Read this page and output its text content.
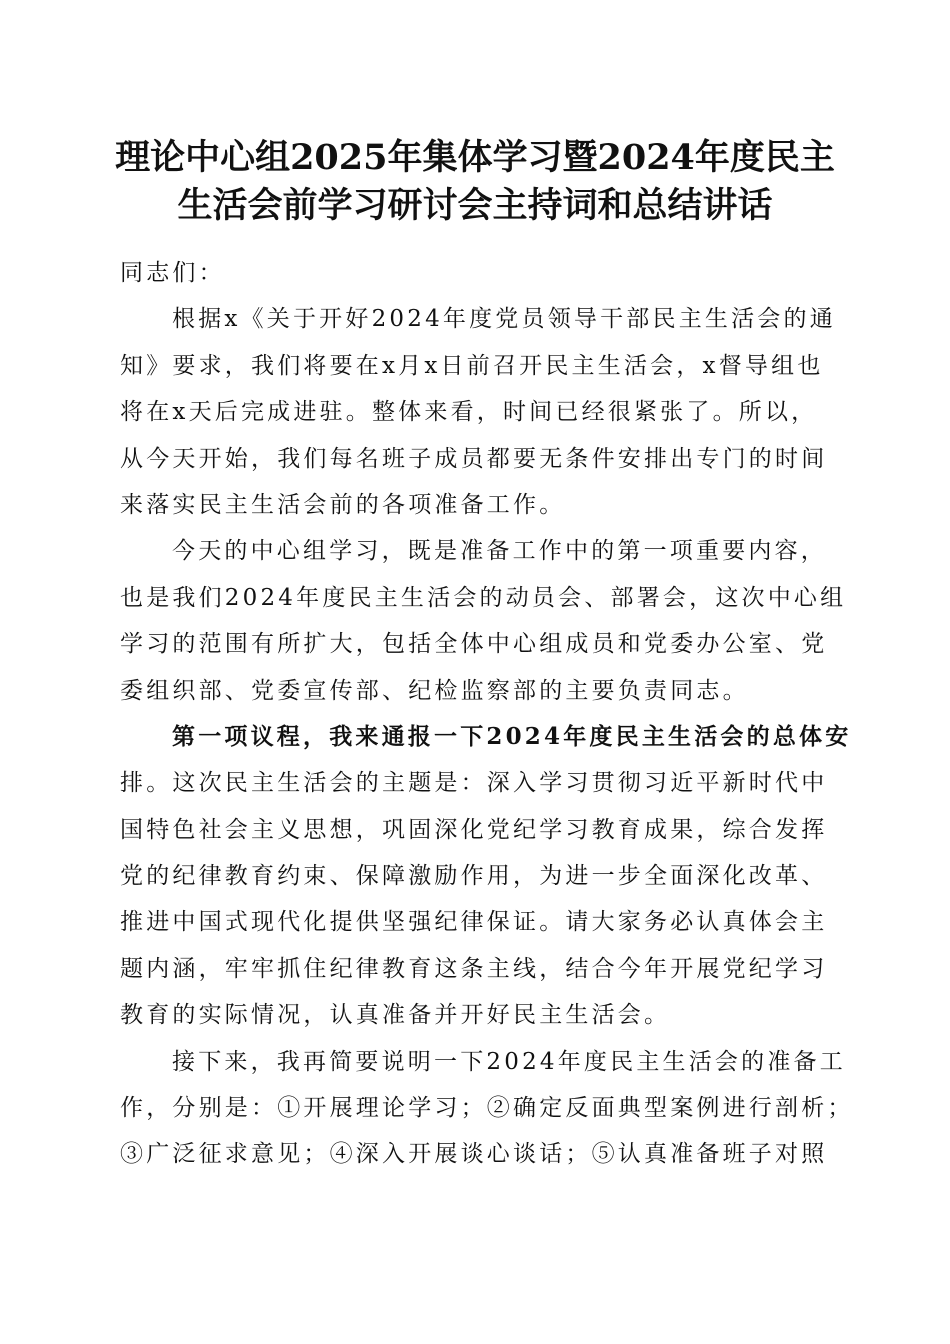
理论中心组2025年集体学习暨2024年度民主
生活会前学习研讨会主持词和总结讲话
同志们：
根据x《关于开好2024年度党员领导干部民主生活会的通
知》要求，我们将要在x月x日前召开民主生活会，x督导组也
将在x天后完成进驻。整体来看，时间已经很紧张了。所以，
从今天开始，我们每名班子成员都要无条件安排出专门的时间
来落实民主生活会前的各项准备工作。
今天的中心组学习，既是准备工作中的第一项重要内容，
也是我们2024年度民主生活会的动员会、部署会，这次中心组
学习的范围有所扩大，包括全体中心组成员和党委办公室、党
委组织部、党委宣传部、纪检监察部的主要负责同志。
第一项议程，我来通报一下2024年度民主生活会的总体安
排。这次民主生活会的主题是：深入学习贯彻习近平新时代中
国特色社会主义思想，巩固深化党纪学习教育成果，综合发挥
党的纪律教育约束、保障激励作用，为进一步全面深化改革、
推进中国式现代化提供坚强纪律保证。请大家务必认真体会主
题内涵，牢牢抓住纪律教育这条主线，结合今年开展党纪学习
教育的实际情况，认真准备并开好民主生活会。
接下来，我再简要说明一下2024年度民主生活会的准备工
作，分别是：①开展理论学习；②确定反面典型案例进行剖析；
③广泛征求意见；④深入开展谈心谈话；⑤认真准备班子对照
